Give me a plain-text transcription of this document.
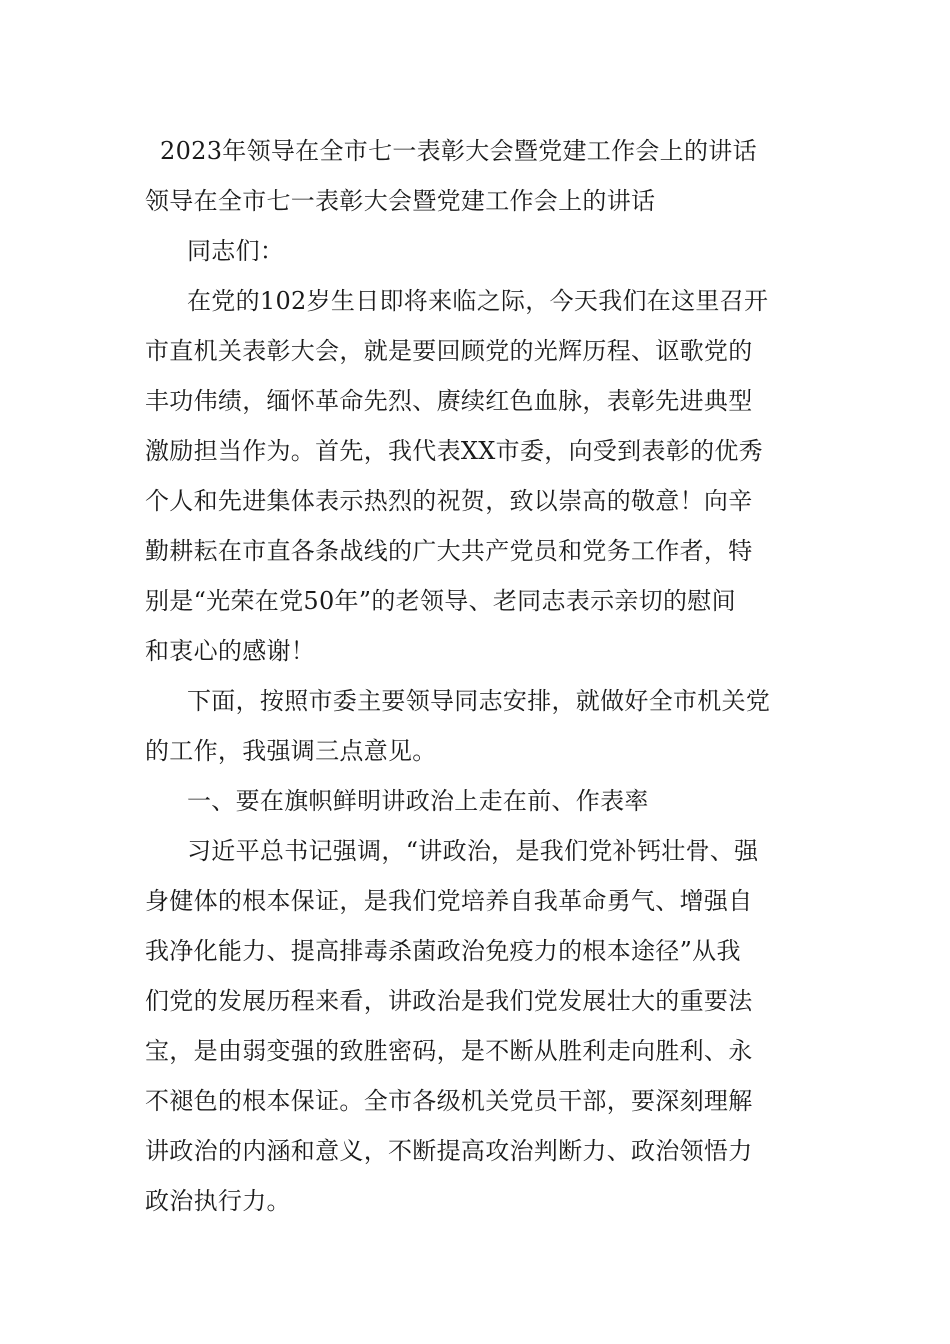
2023年领导在全市七一表彰大会暨党建工作会上的讲话
领导在全市七一表彰大会暨党建工作会上的讲话
同志们：
在党的102岁生日即将来临之际，今天我们在这里召开
市直机关表彰大会，就是要回顾党的光辉历程、讴歌党的
丰功伟绩，缅怀革命先烈、赓续红色血脉，表彰先进典型
激励担当作为。首先，我代表XX市委，向受到表彰的优秀
个人和先进集体表示热烈的祝贺，致以崇高的敬意！向辛
勤耕耘在市直各条战线的广大共产党员和党务工作者，特
别是“光荣在党50年”的老领导、老同志表示亲切的慰间
和衷心的感谢！
下面，按照市委主要领导同志安排，就做好全市机关党
的工作，我强调三点意见。
一、要在旗帜鲜明讲政治上走在前、作表率
习近平总书记强调，“讲政治，是我们党补钙壮骨、强
身健体的根本保证，是我们党培养自我革命勇气、增强自
我净化能力、提高排毒杀菌政治免疫力的根本途径”从我
们党的发展历程来看，讲政治是我们党发展壮大的重要法
宝，是由弱变强的致胜密码，是不断从胜利走向胜利、永
不褪色的根本保证。全市各级机关党员干部，要深刻理解
讲政治的内涵和意义，不断提高攻治判断力、政治领悟力
政治执行力。
